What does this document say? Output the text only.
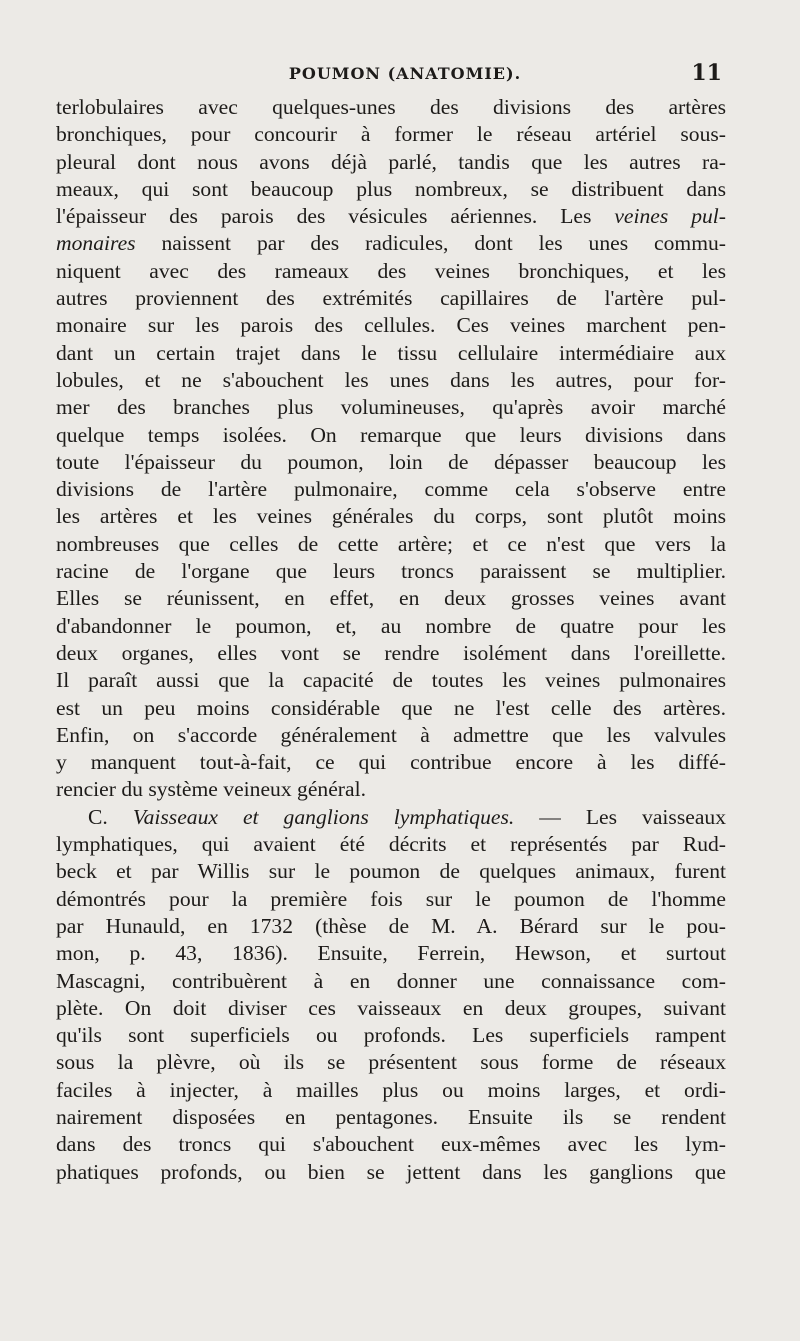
POUMON (ANATOMIE).	11
terlobulaires avec quelques-unes des divisions des artères
bronchiques, pour concourir à former le réseau artériel sous-
pleural dont nous avons déjà parlé, tandis que les autres ra-
meaux, qui sont beaucoup plus nombreux, se distribuent dans
l'épaisseur des parois des vésicules aériennes. Les veines pul-
monaires naissent par des radicules, dont les unes commu-
niquent avec des rameaux des veines bronchiques, et les
autres proviennent des extrémités capillaires de l'artère pul-
monaire sur les parois des cellules. Ces veines marchent pen-
dant un certain trajet dans le tissu cellulaire intermédiaire aux
lobules, et ne s'abouchent les unes dans les autres, pour for-
mer des branches plus volumineuses, qu'après avoir marché
quelque temps isolées. On remarque que leurs divisions dans
toute l'épaisseur du poumon, loin de dépasser beaucoup les
divisions de l'artère pulmonaire, comme cela s'observe entre
les artères et les veines générales du corps, sont plutôt moins
nombreuses que celles de cette artère; et ce n'est que vers la
racine de l'organe que leurs troncs paraissent se multiplier.
Elles se réunissent, en effet, en deux grosses veines avant
d'abandonner le poumon, et, au nombre de quatre pour les
deux organes, elles vont se rendre isolément dans l'oreillette.
Il paraît aussi que la capacité de toutes les veines pulmonaires
est un peu moins considérable que ne l'est celle des artères.
Enfin, on s'accorde généralement à admettre que les valvules
y manquent tout-à-fait, ce qui contribue encore à les diffé-
rencier du système veineux général.
C. Vaisseaux et ganglions lymphatiques. — Les vaisseaux
lymphatiques, qui avaient été décrits et représentés par Rud-
beck et par Willis sur le poumon de quelques animaux, furent
démontrés pour la première fois sur le poumon de l'homme
par Hunauld, en 1732 (thèse de M. A. Bérard sur le pou-
mon, p. 43, 1836). Ensuite, Ferrein, Hewson, et surtout
Mascagni, contribuèrent à en donner une connaissance com-
plète. On doit diviser ces vaisseaux en deux groupes, suivant
qu'ils sont superficiels ou profonds. Les superficiels rampent
sous la plèvre, où ils se présentent sous forme de réseaux
faciles à injecter, à mailles plus ou moins larges, et ordi-
nairement disposées en pentagones. Ensuite ils se rendent
dans des troncs qui s'abouchent eux-mêmes avec les lym-
phatiques profonds, ou bien se jettent dans les ganglions que
